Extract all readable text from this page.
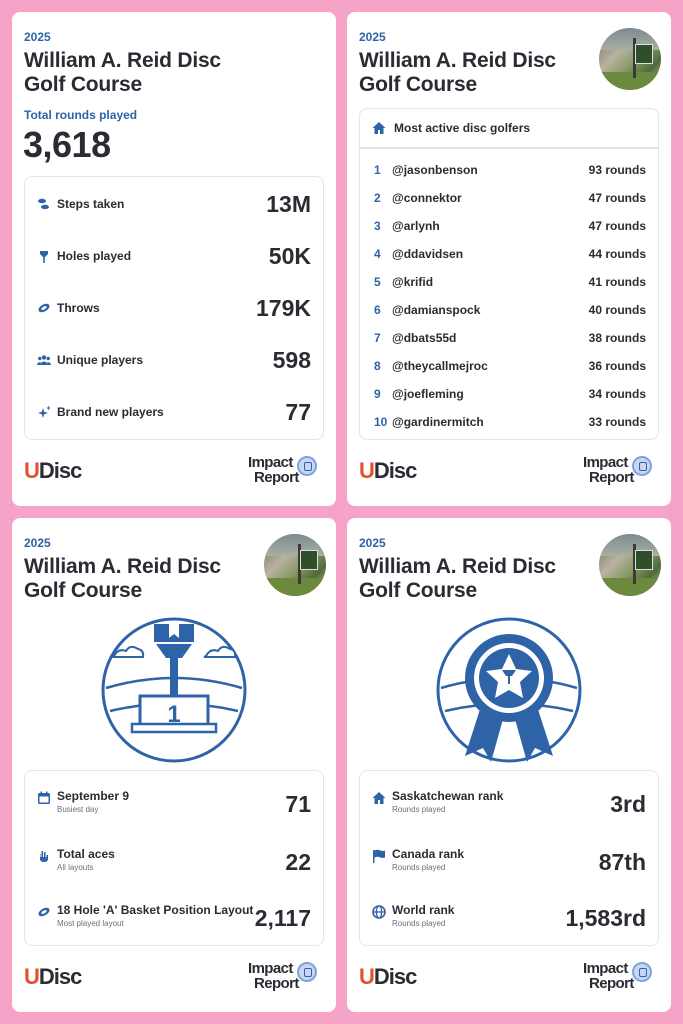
2025
William A. Reid Disc Golf Course
Total rounds played
3,618
Steps taken	13M
Holes played	50K
Throws	179K
Unique players	598
Brand new players	77
UDisc	Impact
Report
2025
William A. Reid Disc Golf Course
Most active disc golfers
1 @jasonbenson	93 rounds
2 @connektor	47 rounds
3 @arlynh	47 rounds
4 @ddavidsen	44 rounds
5 @krifid	41 rounds
6 @damianspock	40 rounds
7 @dbats55d	38 rounds
8 @theycallmejroc	36 rounds
9 @joefleming	34 rounds
10 @gardinermitch	33 rounds
UDisc	Impact
Report
2025
William A. Reid Disc Golf Course
1
September 9
Busiest day	71
Total aces
All layouts	22
18 Hole 'A' Basket Position Layout
Most played layout	2,117
UDisc	Impact
Report
2025
William A. Reid Disc Golf Course
Saskatchewan rank
Rounds played	3rd
Canada rank
Rounds played	87th
World rank
Rounds played	1,583rd
UDisc	Impact
Report
